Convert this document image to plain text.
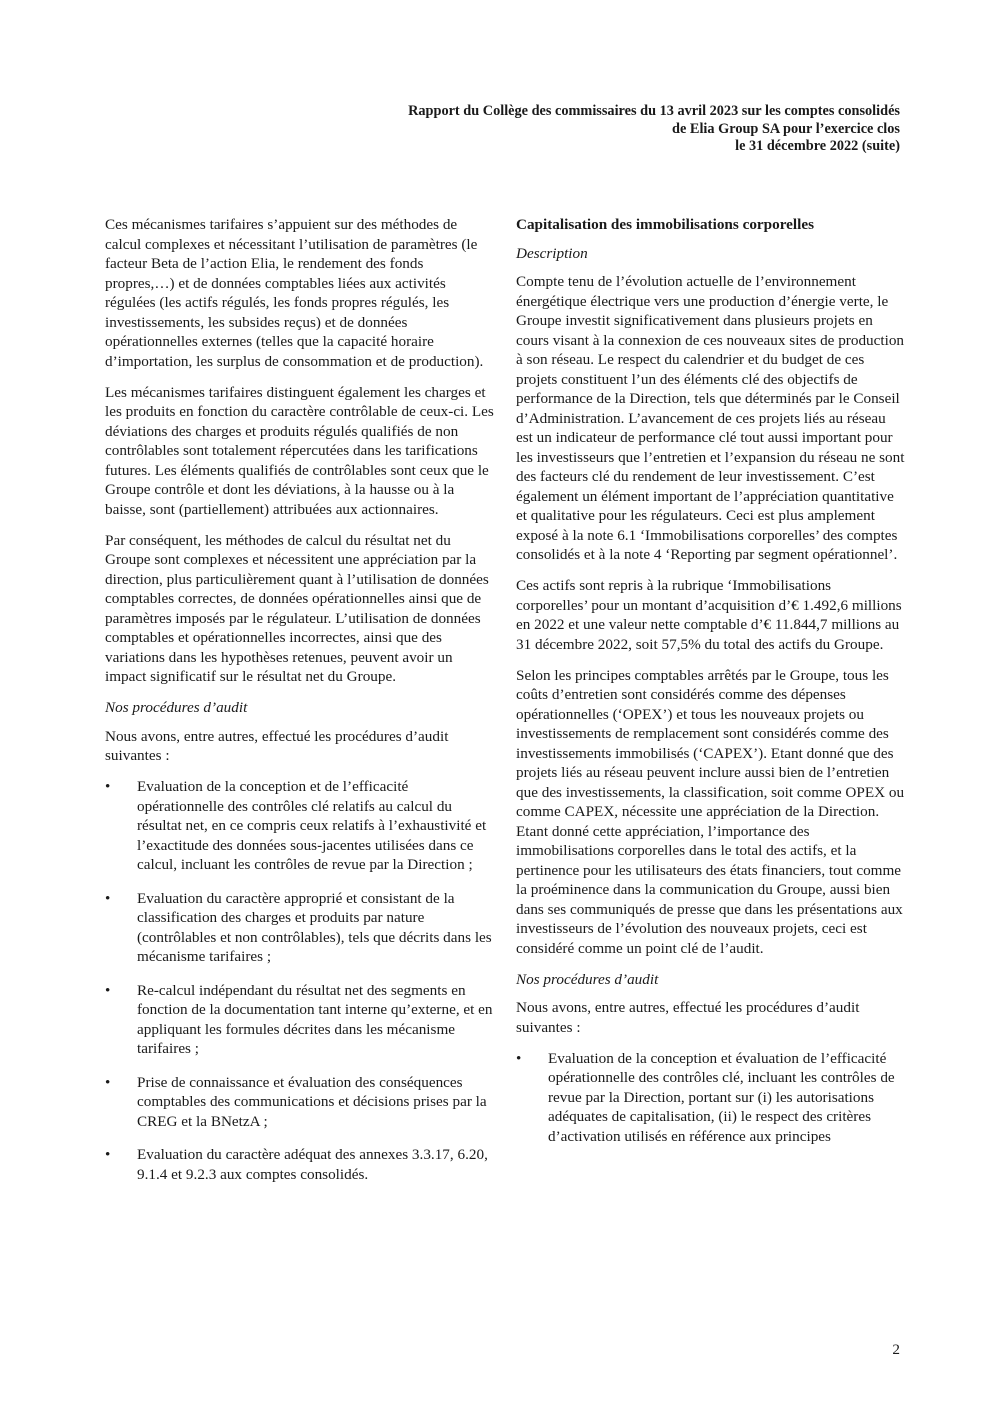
Rapport du Collège des commissaires du 13 avril 2023 sur les comptes consolidés
de Elia Group SA pour l’exercice clos
le 31 décembre 2022 (suite)

Ces mécanismes tarifaires s’appuient sur des méthodes de calcul complexes et nécessitant l’utilisation de paramètres (le facteur Beta de l’action Elia, le rendement des fonds propres,…) et de données comptables liées aux activités régulées (les actifs régulés, les fonds propres régulés, les investissements, les subsides reçus) et de données opérationnelles externes (telles que la capacité horaire d’importation, les surplus de consommation et de production).

Les mécanismes tarifaires distinguent également les charges et les produits en fonction du caractère contrôlable de ceux-ci. Les déviations des charges et produits régulés qualifiés de non contrôlables sont totalement répercutées dans les tarifications futures. Les éléments qualifiés de contrôlables sont ceux que le Groupe contrôle et dont les déviations, à la hausse ou à la baisse, sont (partiellement) attribuées aux actionnaires.

Par conséquent, les méthodes de calcul du résultat net du Groupe sont complexes et nécessitent une appréciation par la direction, plus particulièrement quant à l’utilisation de données comptables correctes, de données opérationnelles ainsi que de paramètres imposés par le régulateur. L’utilisation de données comptables et opérationnelles incorrectes, ainsi que des variations dans les hypothèses retenues, peuvent avoir un impact significatif sur le résultat net du Groupe.

Nos procédures d’audit

Nous avons, entre autres, effectué les procédures d’audit suivantes :

• Evaluation de la conception et de l’efficacité opérationnelle des contrôles clé relatifs au calcul du résultat net, en ce compris ceux relatifs à l’exhaustivité et l’exactitude des données sous-jacentes utilisées dans ce calcul, incluant les contrôles de revue par la Direction ;
• Evaluation du caractère approprié et consistant de la classification des charges et produits par nature (contrôlables et non contrôlables), tels que décrits dans les mécanisme tarifaires ;
• Re-calcul indépendant du résultat net des segments en fonction de la documentation tant interne qu’externe, et en appliquant les formules décrites dans les mécanisme tarifaires ;
• Prise de connaissance et évaluation des conséquences comptables des communications et décisions prises par la CREG et la BNetzA ;
• Evaluation du caractère adéquat des annexes 3.3.17, 6.20, 9.1.4 et 9.2.3 aux comptes consolidés.
Capitalisation des immobilisations corporelles

Description

Compte tenu de l’évolution actuelle de l’environnement énergétique électrique vers une production d’énergie verte, le Groupe investit significativement dans plusieurs projets en cours visant à la connexion de ces nouveaux sites de production à son réseau. Le respect du calendrier et du budget de ces projets constituent l’un des éléments clé des objectifs de performance de la Direction, tels que déterminés par le Conseil d’Administration. L’avancement de ces projets liés au réseau est un indicateur de performance clé tout aussi important pour les investisseurs que l’entretien et l’expansion du réseau ne sont des facteurs clé du rendement de leur investissement. C’est également un élément important de l’appréciation quantitative et qualitative pour les régulateurs. Ceci est plus amplement exposé à la note 6.1 ‘Immobilisations corporelles’ des comptes consolidés et à la note 4 ‘Reporting par segment opérationnel’.

Ces actifs sont repris à la rubrique ‘Immobilisations corporelles’ pour un montant d’acquisition d’€ 1.492,6 millions en 2022 et une valeur nette comptable d’€ 11.844,7 millions au 31 décembre 2022, soit 57,5% du total des actifs du Groupe.

Selon les principes comptables arrêtés par le Groupe, tous les coûts d’entretien sont considérés comme des dépenses opérationnelles (‘OPEX’) et tous les nouveaux projets ou investissements de remplacement sont considérés comme des investissements immobilisés (‘CAPEX’). Etant donné que des projets liés au réseau peuvent inclure aussi bien de l’entretien que des investissements, la classification, soit comme OPEX ou comme CAPEX, nécessite une appréciation de la Direction. Etant donné cette appréciation, l’importance des immobilisations corporelles dans le total des actifs, et la pertinence pour les utilisateurs des états financiers, tout comme la proéminence dans la communication du Groupe, aussi bien dans ses communiqués de presse que dans les présentations aux investisseurs de l’évolution des nouveaux projets, ceci est considéré comme un point clé de l’audit.

Nos procédures d’audit

Nous avons, entre autres, effectué les procédures d’audit suivantes :

• Evaluation de la conception et évaluation de l’efficacité opérationnelle des contrôles clé, incluant les contrôles de revue par la Direction, portant sur (i) les autorisations adéquates de capitalisation, (ii) le respect des critères d’activation utilisés en référence aux principes
2
